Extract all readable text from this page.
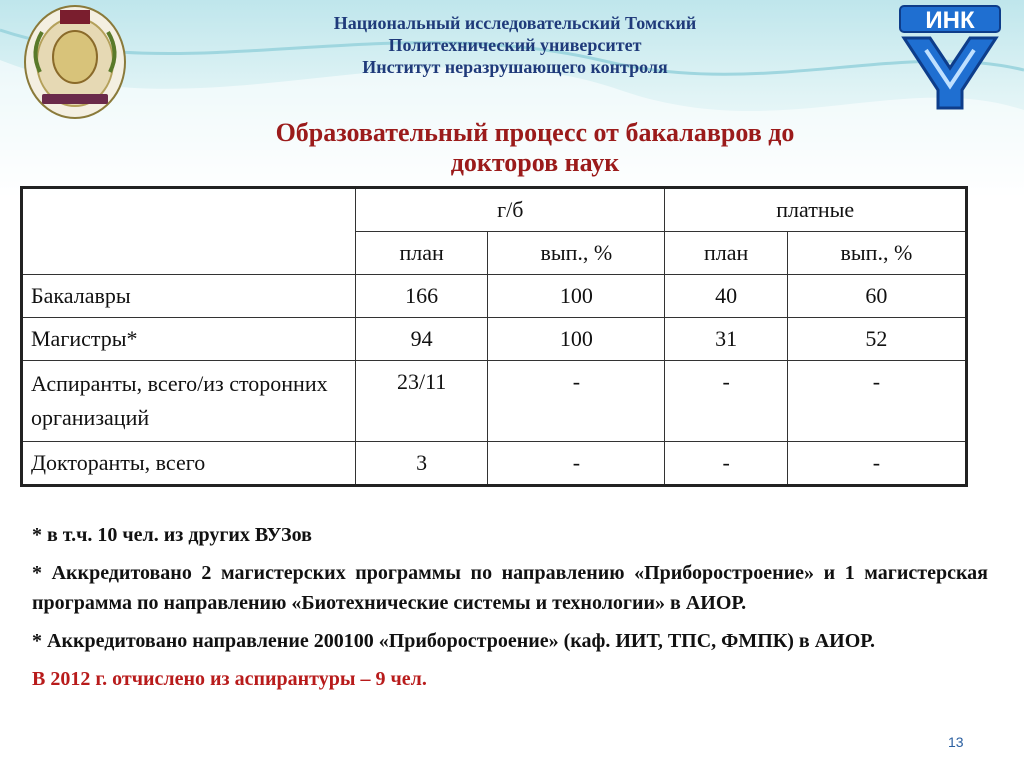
ИНК
Национальный исследовательский Томский
Политехнический университет
Институт неразрушающего контроля
Образовательный процесс от бакалавров до
докторов наук
	г/б		платные	
	план	вып., %	план	вып., %
Бакалавры	166	100	40	60
Магистры*	94	100	31	52
Аспиранты, всего/из сторонних организаций	23/11	-	-	-
Докторанты, всего	3	-	-	-

* в т.ч. 10 чел. из других ВУЗов

* Аккредитовано 2 магистерских программы по направлению «Приборостроение» и 1 магистерская программа по направлению «Биотехнические системы и технологии» в АИОР.

* Аккредитовано направление 200100 «Приборостроение» (каф. ИИТ, ТПС, ФМПК) в АИОР.

В 2012 г. отчислено из аспирантуры – 9 чел.

13
